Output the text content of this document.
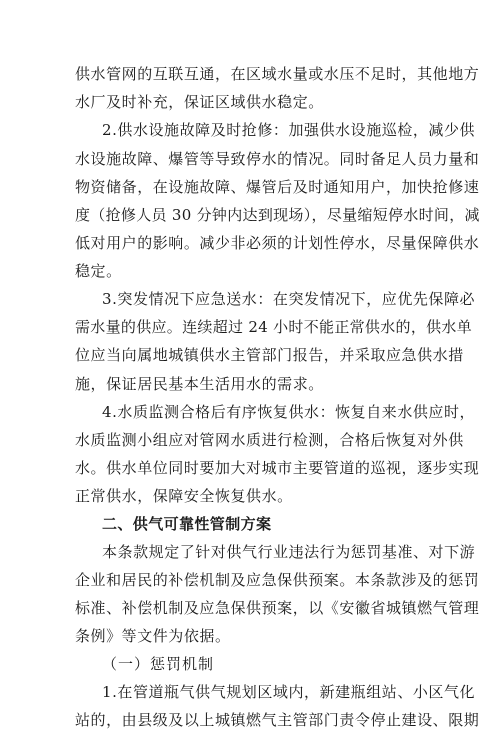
供水管网的互联互通，在区域水量或水压不足时，其他地方
水厂及时补充，保证区域供水稳定。
2.供水设施故障及时抢修：加强供水设施巡检，减少供
水设施故障、爆管等导致停水的情况。同时备足人员力量和
物资储备，在设施故障、爆管后及时通知用户，加快抢修速
度（抢修人员 30 分钟内达到现场），尽量缩短停水时间，减
低对用户的影响。减少非必须的计划性停水，尽量保障供水
稳定。
3.突发情况下应急送水：在突发情况下，应优先保障必
需水量的供应。连续超过 24 小时不能正常供水的，供水单
位应当向属地城镇供水主管部门报告，并采取应急供水措
施，保证居民基本生活用水的需求。
4.水质监测合格后有序恢复供水：恢复自来水供应时，
水质监测小组应对管网水质进行检测，合格后恢复对外供
水。供水单位同时要加大对城市主要管道的巡视，逐步实现
正常供水，保障安全恢复供水。
二、供气可靠性管制方案
本条款规定了针对供气行业违法行为惩罚基准、对下游
企业和居民的补偿机制及应急保供预案。本条款涉及的惩罚
标准、补偿机制及应急保供预案，以《安徽省城镇燃气管理
条例》等文件为依据。
（一）惩罚机制
1.在管道瓶气供气规划区域内，新建瓶组站、小区气化
站的，由县级及以上城镇燃气主管部门责令停止建设、限期
